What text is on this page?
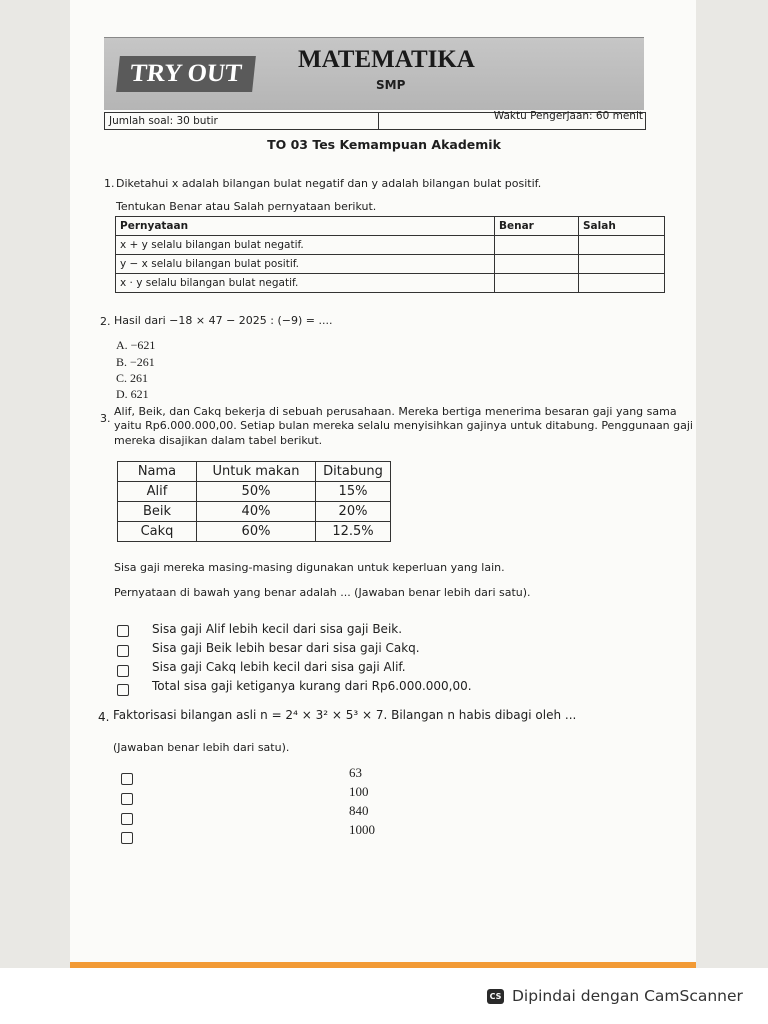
TRY OUT
MATEMATIKA
SMP
Jumlah soal: 30 butir	Waktu Pengerjaan: 60 menit
TO 03 Tes Kemampuan Akademik
1. Diketahui x adalah bilangan bulat negatif dan y adalah bilangan bulat positif.
Tentukan Benar atau Salah pernyataan berikut.
Pernyataan	Benar	Salah
x + y selalu bilangan bulat negatif.		
y − x selalu bilangan bulat positif.		
x · y selalu bilangan bulat negatif.		
2. Hasil dari −18 × 47 − 2025 : (−9) = ....
A. −621
B. −261
C. 261
D. 621
3.
Alif, Beik, dan Cakq bekerja di sebuah perusahaan. Mereka bertiga menerima besaran gaji yang sama
yaitu Rp6.000.000,00. Setiap bulan mereka selalu menyisihkan gajinya untuk ditabung. Penggunaan gaji
mereka disajikan dalam tabel berikut.
Nama	Untuk makan	Ditabung
Alif	50%	15%
Beik	40%	20%
Cakq	60%	12.5%
Sisa gaji mereka masing-masing digunakan untuk keperluan yang lain.
Pernyataan di bawah yang benar adalah ... (Jawaban benar lebih dari satu).
Sisa gaji Alif lebih kecil dari sisa gaji Beik.
Sisa gaji Beik lebih besar dari sisa gaji Cakq.
Sisa gaji Cakq lebih kecil dari sisa gaji Alif.
Total sisa gaji ketiganya kurang dari Rp6.000.000,00.
4. Faktorisasi bilangan asli n = 2⁴ × 3² × 5³ × 7. Bilangan n habis dibagi oleh ...
(Jawaban benar lebih dari satu).
63
100
840
1000
CS Dipindai dengan CamScanner
